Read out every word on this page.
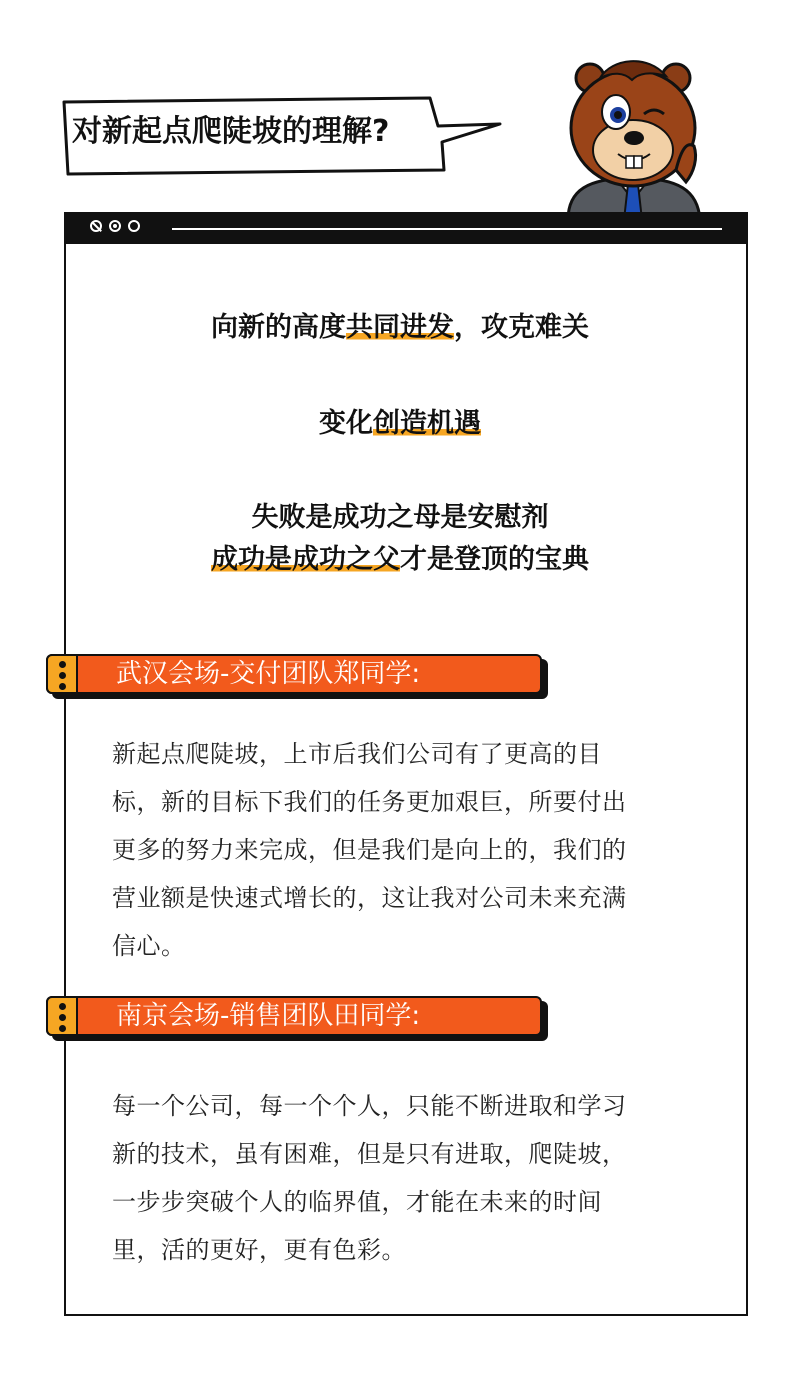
对新起点爬陡坡的理解?
向新的高度共同进发，攻克难关
变化创造机遇
失败是成功之母是安慰剂
成功是成功之父才是登顶的宝典
武汉会场-交付团队郑同学:
新起点爬陡坡，上市后我们公司有了更高的目
标，新的目标下我们的任务更加艰巨，所要付出
更多的努力来完成，但是我们是向上的，我们的
营业额是快速式增长的，这让我对公司未来充满
信心。
南京会场-销售团队田同学:
每一个公司，每一个个人，只能不断进取和学习
新的技术，虽有困难，但是只有进取，爬陡坡，
一步步突破个人的临界值，才能在未来的时间
里，活的更好，更有色彩。
